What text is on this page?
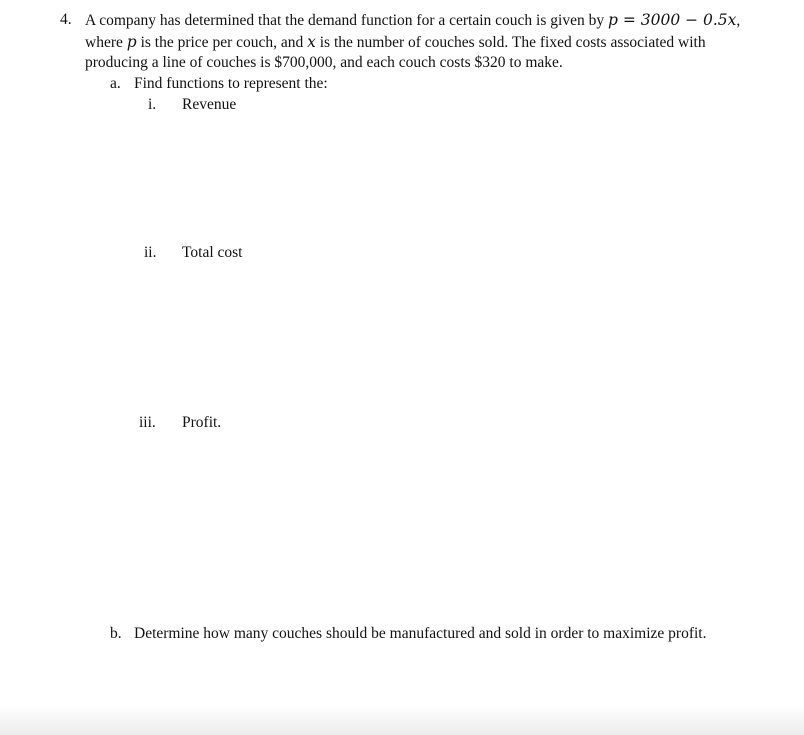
4. A company has determined that the demand function for a certain couch is given by p = 3000 − 0.5x,
where p is the price per couch, and x is the number of couches sold. The fixed costs associated with
producing a line of couches is $700,000, and each couch costs $320 to make.
a. Find functions to represent the:
i. Revenue
ii. Total cost
iii. Profit.
b. Determine how many couches should be manufactured and sold in order to maximize profit.
